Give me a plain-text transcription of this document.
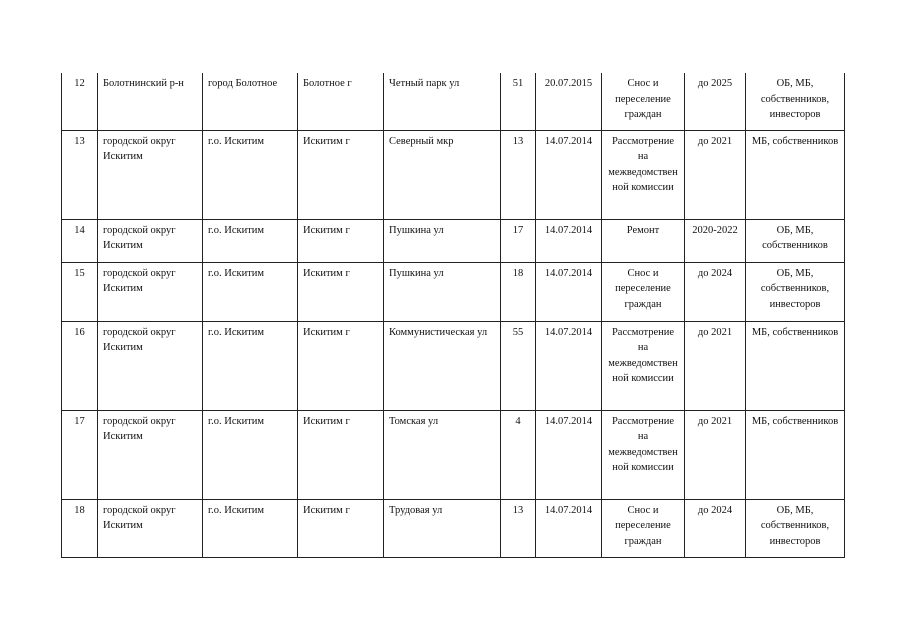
12	Болотнинский р-н	город Болотное	Болотное г	Четный парк ул	51	20.07.2015	Снос и переселение граждан	до 2025	ОБ, МБ, собственников, инвесторов
13	городской округ Искитим	г.о. Искитим	Искитим г	Северный мкр	13	14.07.2014	Рассмотрение на межведомственной комиссии	до 2021	МБ, собственников
14	городской округ Искитим	г.о. Искитим	Искитим г	Пушкина ул	17	14.07.2014	Ремонт	2020-2022	ОБ, МБ, собственников
15	городской округ Искитим	г.о. Искитим	Искитим г	Пушкина ул	18	14.07.2014	Снос и переселение граждан	до 2024	ОБ, МБ, собственников, инвесторов
16	городской округ Искитим	г.о. Искитим	Искитим г	Коммунистическая ул	55	14.07.2014	Рассмотрение на межведомственной комиссии	до 2021	МБ, собственников
17	городской округ Искитим	г.о. Искитим	Искитим г	Томская ул	4	14.07.2014	Рассмотрение на межведомственной комиссии	до 2021	МБ, собственников
18	городской округ Искитим	г.о. Искитим	Искитим г	Трудовая ул	13	14.07.2014	Снос и переселение граждан	до 2024	ОБ, МБ, собственников, инвесторов
